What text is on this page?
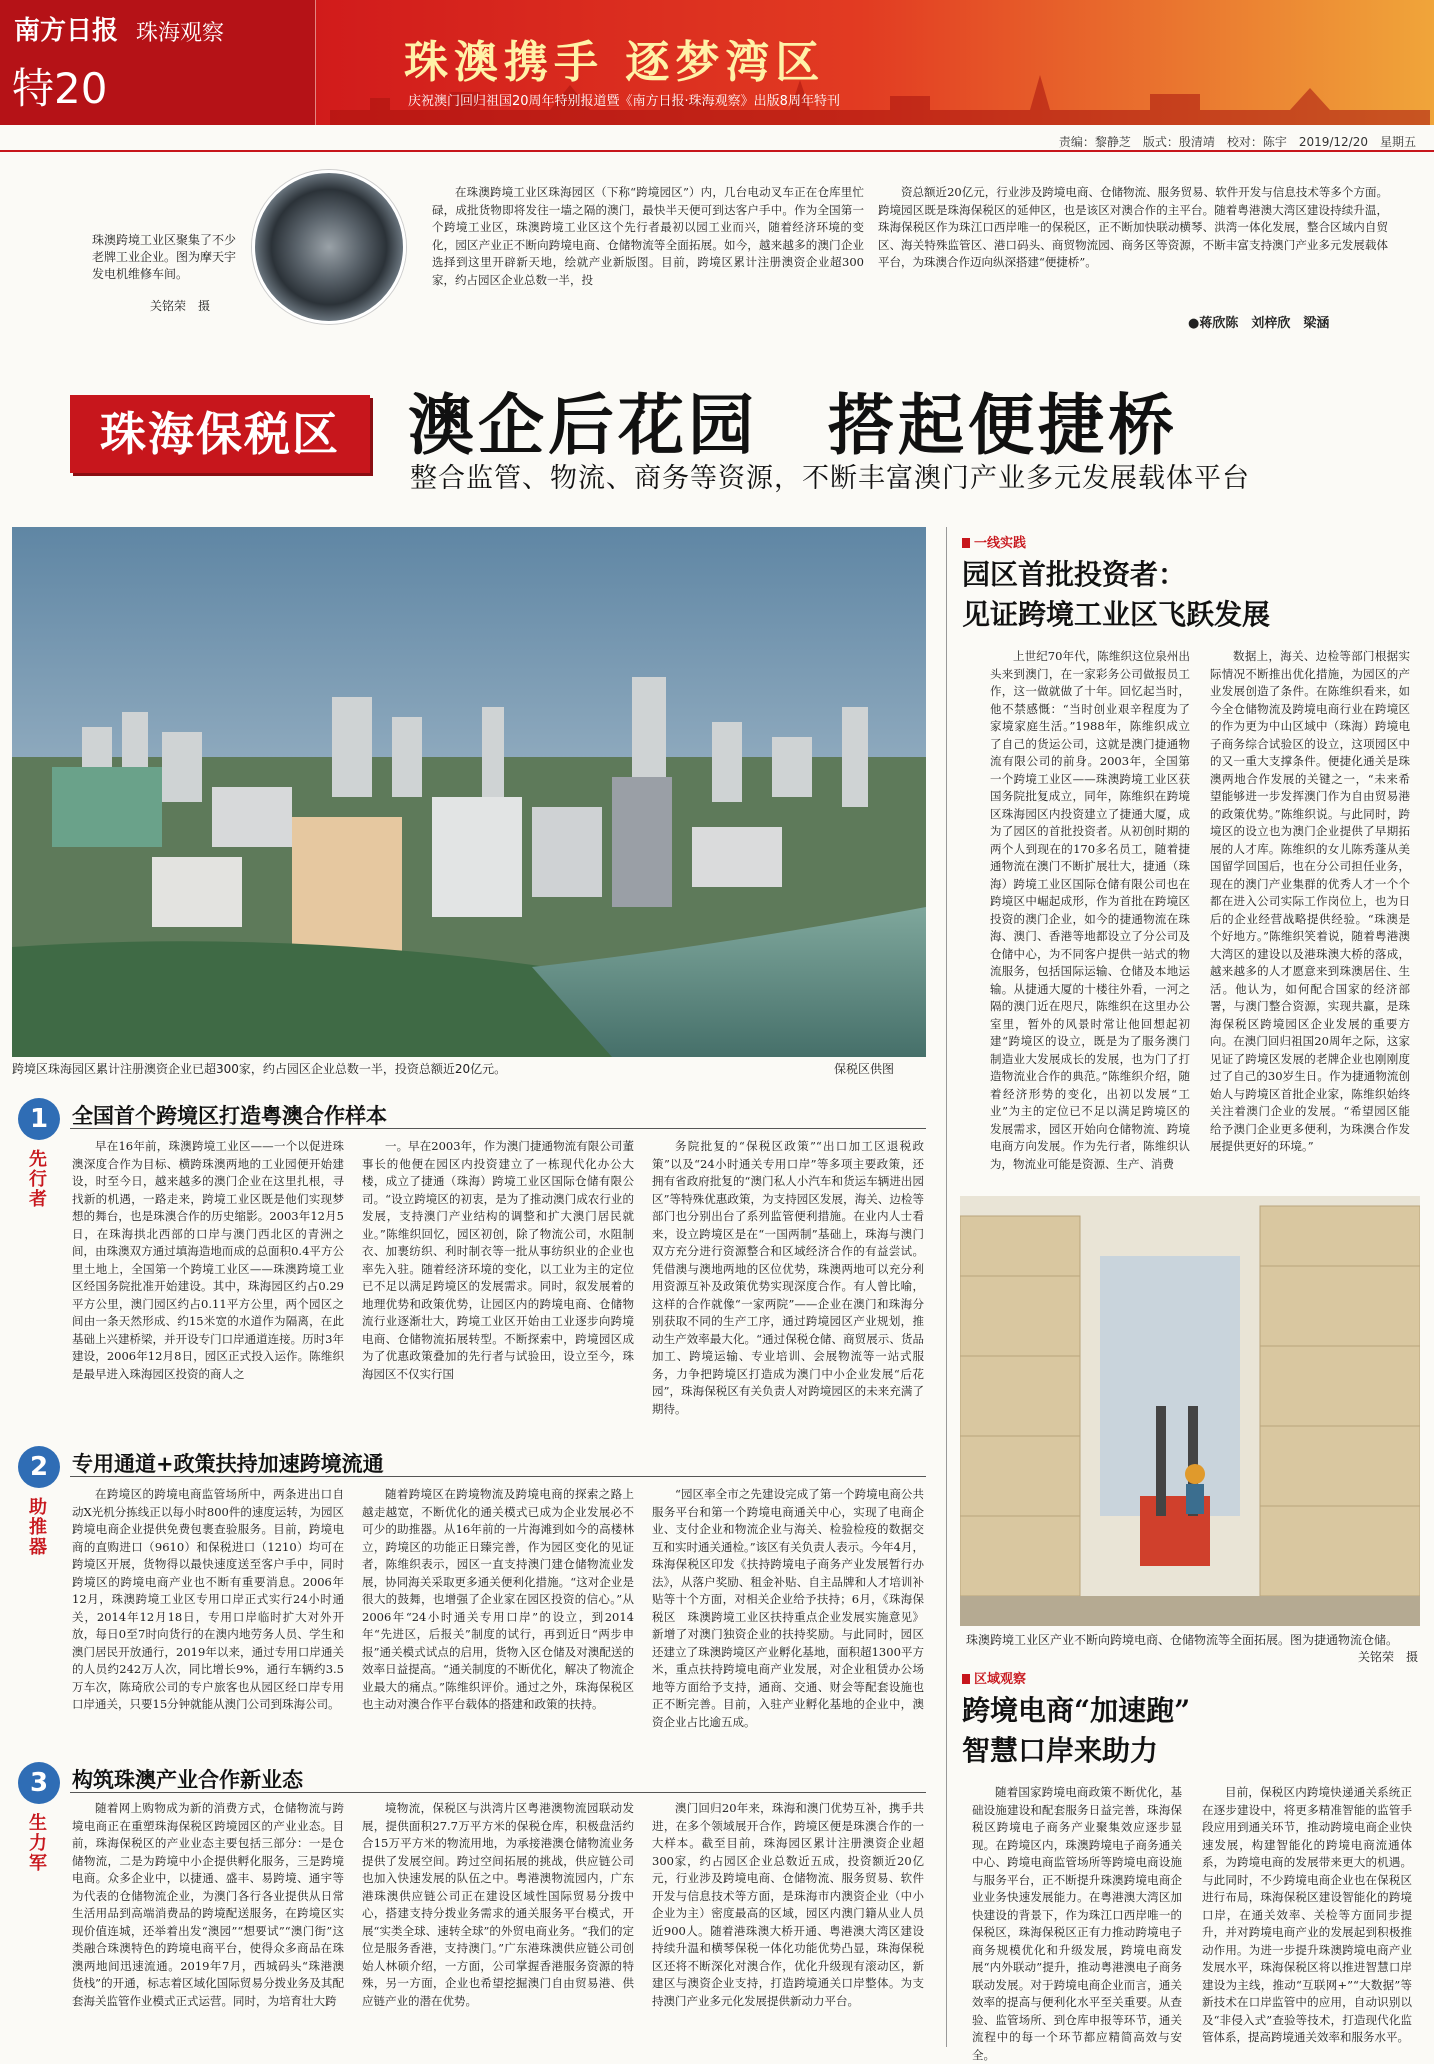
南方日报 珠海观察
特20
珠澳携手 逐梦湾区
庆祝澳门回归祖国20周年特别报道暨《南方日报·珠海观察》出版8周年特刊
责编：黎静芝　版式：殷清靖　校对：陈宇　2019/12/20　星期五
珠澳跨境工业区聚集了不少老牌工业企业。图为摩天宇发电机维修车间。
关铭荣　摄

在珠澳跨境工业区珠海园区（下称“跨境园区”）内，几台电动叉车正在仓库里忙碌，成批货物即将发往一墙之隔的澳门，最快半天便可到达客户手中。作为全国第一个跨境工业区，珠澳跨境工业区这个先行者最初以园工业而兴，随着经济环境的变化，园区产业正不断向跨境电商、仓储物流等全面拓展。如今，越来越多的澳门企业选择到这里开辟新天地，绘就产业新版图。目前，跨境区累计注册澳资企业超300家，约占园区企业总数一半，投

资总额近20亿元，行业涉及跨境电商、仓储物流、服务贸易、软件开发与信息技术等多个方面。跨境园区既是珠海保税区的延伸区，也是该区对澳合作的主平台。随着粤港澳大湾区建设持续升温，珠海保税区作为珠江口西岸唯一的保税区，正不断加快联动横琴、洪湾一体化发展，整合区域内自贸区、海关特殊监管区、港口码头、商贸物流园、商务区等资源，不断丰富支持澳门产业多元发展载体平台，为珠澳合作迈向纵深搭建“便捷桥”。

●蒋欣陈　刘梓欣　梁涵
珠海保税区	澳企后花园　搭起便捷桥
整合监管、物流、商务等资源，不断丰富澳门产业多元发展载体平台
跨境区珠海园区累计注册澳资企业已超300家，约占园区企业总数一半，投资总额近20亿元。	保税区供图
1
先行者
全国首个跨境区打造粤澳合作样本

早在16年前，珠澳跨境工业区——一个以促进珠澳深度合作为目标、横跨珠澳两地的工业园便开始建设，时至今日，越来越多的澳门企业在这里扎根，寻找新的机遇，一路走来，跨境工业区既是他们实现梦想的舞台，也是珠澳合作的历史缩影。2003年12月5日，在珠海拱北西部的口岸与澳门西北区的青洲之间，由珠澳双方通过填海造地而成的总面积0.4平方公里土地上，全国第一个跨境工业区——珠澳跨境工业区经国务院批准开始建设。其中，珠海园区约占0.29平方公里，澳门园区约占0.11平方公里，两个园区之间由一条天然形成、约15米宽的水道作为隔离，在此基础上兴建桥梁，并开设专门口岸通道连接。历时3年建设，2006年12月8日，园区正式投入运作。陈维织是最早进入珠海园区投资的商人之

一。早在2003年，作为澳门捷通物流有限公司董事长的他便在园区内投资建立了一栋现代化办公大楼，成立了捷通（珠海）跨境工业区国际仓储有限公司。“设立跨境区的初衷，是为了推动澳门成农行业的发展，支持澳门产业结构的调整和扩大澳门居民就业。”陈维织回忆，园区初创，除了物流公司，水阻制衣、加裹纺织、利时制衣等一批从事纺织业的企业也率先入驻。随着经济环境的变化，以工业为主的定位已不足以满足跨境区的发展需求。同时，叙发展着的地理优势和政策优势，让园区内的跨境电商、仓储物流行业逐渐壮大，跨境工业区开始由工业逐步向跨境电商、仓储物流拓展转型。不断探索中，跨境园区成为了优惠政策叠加的先行者与试验田，设立至今，珠海园区不仅实行国

务院批复的“保税区政策”“出口加工区退税政策”以及“24小时通关专用口岸”等多项主要政策，还拥有省政府批复的“澳门私人小汽车和货运车辆进出园区”等特殊优惠政策，为支持园区发展，海关、边检等部门也分别出台了系列监管便利措施。在业内人士看来，设立跨境区是在“一国两制”基础上，珠海与澳门双方充分进行资源整合和区域经济合作的有益尝试。凭借澳与澳地两地的区位优势，珠澳两地可以充分利用资源互补及政策优势实现深度合作。有人曾比喻，这样的合作就像“一家两院”——企业在澳门和珠海分别获取不同的生产工序，通过跨境园区产业规划，推动生产效率最大化。“通过保税仓储、商贸展示、货品加工、跨境运输、专业培训、会展物流等一站式服务，力争把跨境区打造成为澳门中小企业发展“后花园”，珠海保税区有关负责人对跨境园区的未来充满了期待。

2
助推器
专用通道+政策扶持加速跨境流通

在跨境区的跨境电商监管场所中，两条进出口自动X光机分拣线正以每小时800件的速度运转，为园区跨境电商企业提供免费包裹查验服务。目前，跨境电商的直购进口（9610）和保税进口（1210）均可在跨境区开展，货物得以最快速度送至客户手中，同时跨境区的跨境电商产业也不断有重要消息。2006年12月，珠澳跨境工业区专用口岸正式实行24小时通关，2014年12月18日，专用口岸临时扩大对外开放，每日0至7时向货行的在澳内地劳务人员、学生和澳门居民开放通行，2019年以来，通过专用口岸通关的人员约242万人次，同比增长9%，通行车辆约3.5万车次，陈琦欣公司的专户旅客也从园区经口岸专用口岸通关，只要15分钟就能从澳门公司到珠海公司。

随着跨境区在跨境物流及跨境电商的探索之路上越走越宽，不断优化的通关模式已成为企业发展必不可少的助推器。从16年前的一片海滩到如今的高楼林立，跨境区的功能正日臻完善，作为园区变化的见证者，陈维织表示，园区一直支持澳门建仓储物流业发展，协同海关采取更多通关便利化措施。“这对企业是很大的鼓舞，也增强了企业家在园区投资的信心。”从2006年“24小时通关专用口岸”的设立，到2014年“先进区，后报关”制度的试行，再到近日“两步申报”通关模式试点的启用，货物入区仓储及对澳配送的效率日益提高。“通关制度的不断优化，解决了物流企业最大的痛点。”陈维织评价。通过之外，珠海保税区也主动对澳合作平台载体的搭建和政策的扶持。

“园区率全市之先建设完成了第一个跨境电商公共服务平台和第一个跨境电商通关中心，实现了电商企业、支付企业和物流企业与海关、检验检疫的数据交互和实时通关通检。”该区有关负责人表示。今年4月，珠海保税区印发《扶持跨境电子商务产业发展暂行办法》，从落户奖励、租金补贴、自主品牌和人才培训补贴等十个方面，对相关企业给予扶持；6月，《珠海保税区　珠澳跨境工业区扶持重点企业发展实施意见》新增了对澳门独资企业的扶持奖励。与此同时，园区还建立了珠澳跨境区产业孵化基地，面积超1300平方米，重点扶持跨境电商产业发展，对企业租赁办公场地等方面给予支持，通商、交通、财会等配套设施也正不断完善。目前，入驻产业孵化基地的企业中，澳资企业占比逾五成。

3
生力军
构筑珠澳产业合作新业态

随着网上购物成为新的消费方式，仓储物流与跨境电商正在重塑珠海保税区跨境园区的产业业态。目前，珠海保税区的产业业态主要包括三部分：一是仓储物流，二是为跨境中小企提供孵化服务，三是跨境电商。众多企业中，以捷通、盛丰、易跨境、通宇等为代表的仓储物流企业，为澳门各行各业提供从日常生活用品到高端消费品的跨境配送服务，在跨境区实现价值连城，还举着出发“澳园”“想要试”“澳门街”这类融合珠澳特色的跨境电商平台，使得众多商品在珠澳两地间迅速流通。2019年7月，西城码头“珠港澳货栈”的开通，标志着区域化国际贸易分拨业务及其配套海关监管作业模式正式运营。同时，为培育壮大跨

境物流，保税区与洪湾片区粤港澳物流园联动发展，提供面积27.7万平方米的保税仓库，积极盘活约合15万平方米的物流用地，为承接港澳仓储物流业务提供了发展空间。跨过空间拓展的挑战，供应链公司也加入快速发展的队伍之中。粤港澳物流园内，广东港珠澳供应链公司正在建设区域性国际贸易分拨中心，搭建支持分拨业务需求的通关服务平台模式，开展“实类全球、速转全球”的外贸电商业务。“我们的定位是服务香港，支持澳门。”广东港珠澳供应链公司创始人林硕介绍，一方面，公司掌握香港服务资源的特殊，另一方面，企业也希望挖掘澳门自由贸易港、供应链产业的潜在优势。

澳门回归20年来，珠海和澳门优势互补，携手共进，在多个领域展开合作，跨境区便是珠澳合作的一大样本。截至目前，珠海园区累计注册澳资企业超300家，约占园区企业总数近五成，投资额近20亿元，行业涉及跨境电商、仓储物流、服务贸易、软件开发与信息技术等方面，是珠海市内澳资企业（中小企业为主）密度最高的区域，园区内澳门籍从业人员近900人。随着港珠澳大桥开通、粤港澳大湾区建设持续升温和横琴保税一体化功能优势凸显，珠海保税区还将不断深化对澳合作，优化升级现有滚动区，新建区与澳资企业支持，打造跨境通关口岸整体。为支持澳门产业多元化发展提供新动力平台。

一线实践
园区首批投资者：
见证跨境工业区飞跃发展

上世纪70年代，陈维织这位泉州出头来到澳门，在一家彩务公司做报员工作，这一做就做了十年。回忆起当时，他不禁感慨：“当时创业艰辛程度为了家境家庭生活。”1988年，陈维织成立了自己的货运公司，这就是澳门捷通物流有限公司的前身。2003年，全国第一个跨境工业区——珠澳跨境工业区获国务院批复成立，同年，陈维织在跨境区珠海园区内投资建立了捷通大厦，成为了园区的首批投资者。从初创时期的两个人到现在的170多名员工，随着捷通物流在澳门不断扩展壮大，捷通（珠海）跨境工业区国际仓储有限公司也在跨境区中崛起成形，作为首批在跨境区投资的澳门企业，如今的捷通物流在珠海、澳门、香港等地都设立了分公司及仓储中心，为不同客户提供一站式的物流服务，包括国际运输、仓储及本地运输。从捷通大厦的十楼往外看，一河之隔的澳门近在咫尺，陈维织在这里办公室里，暂外的风景时常让他回想起初建“跨境区的设立，既是为了服务澳门制造业大发展成长的发展，也为门了打造物流业合作的典范。”陈维织介绍，随着经济形势的变化，出初以发展“工业”为主的定位已不足以满足跨境区的发展需求，园区开始向仓储物流、跨境电商方向发展。作为先行者，陈维织认为，物流业可能是资源、生产、消费

数据上，海关、边检等部门根据实际情况不断推出优化措施，为园区的产业发展创造了条件。在陈维织看来，如今全仓储物流及跨境电商行业在跨境区的作为更为中山区域中（珠海）跨境电子商务综合试验区的设立，这项园区中的又一重大支撑条件。便捷化通关是珠澳两地合作发展的关键之一，“未来希望能够进一步发挥澳门作为自由贸易港的政策优势。”陈维织说。与此同时，跨境区的设立也为澳门企业提供了早期拓展的人才库。陈维织的女儿陈秀蓬从美国留学回国后，也在分公司担任业务，现在的澳门产业集群的优秀人才一个个都在进入公司实际工作岗位上，也为日后的企业经营战略提供经验。“珠澳是个好地方。”陈维织笑着说，随着粤港澳大湾区的建设以及港珠澳大桥的落成，越来越多的人才愿意来到珠澳居住、生活。他认为，如何配合国家的经济部署，与澳门整合资源，实现共赢，是珠海保税区跨境园区企业发展的重要方向。在澳门回归祖国20周年之际，这家见证了跨境区发展的老牌企业也刚刚度过了自己的30岁生日。作为捷通物流创始人与跨境区首批企业家，陈维织始终关注着澳门企业的发展。“希望园区能给予澳门企业更多便利，为珠澳合作发展提供更好的环境。”

珠澳跨境工业区产业不断向跨境电商、仓储物流等全面拓展。图为捷通物流仓储。
关铭荣　摄
区域观察
跨境电商“加速跑”
智慧口岸来助力

随着国家跨境电商政策不断优化，基础设施建设和配套服务日益完善，珠海保税区跨境电子商务产业聚集效应逐步显现。在跨境区内，珠澳跨境电子商务通关中心、跨境电商监管场所等跨境电商设施与服务平台，正不断提升珠澳跨境电商企业业务快速发展能力。在粤港澳大湾区加快建设的背景下，作为珠江口西岸唯一的保税区，珠海保税区正有力推动跨境电子商务规模优化和升级发展，跨境电商发展“内外联动”提升，推动粤港澳电子商务联动发展。对于跨境电商企业而言，通关效率的提高与便利化水平至关重要。从查验、监管场所、到仓库申报等环节，通关流程中的每一个环节都应精简高效与安全。

目前，保税区内跨境快递通关系统正在逐步建设中，将更多精准智能的监管手段应用到通关环节，推动跨境电商企业快速发展，构建智能化的跨境电商流通体系，为跨境电商的发展带来更大的机遇。与此同时，不少跨境电商企业也在保税区进行布局，珠海保税区建设智能化的跨境口岸，在通关效率、关检等方面同步提升，并对跨境电商产业的发展起到积极推动作用。为进一步提升珠澳跨境电商产业发展水平，珠海保税区将以推进智慧口岸建设为主线，推动“互联网+”“大数据”等新技术在口岸监管中的应用，自动识别以及“非侵入式”查验等技术，打造现代化监管体系，提高跨境通关效率和服务水平。
